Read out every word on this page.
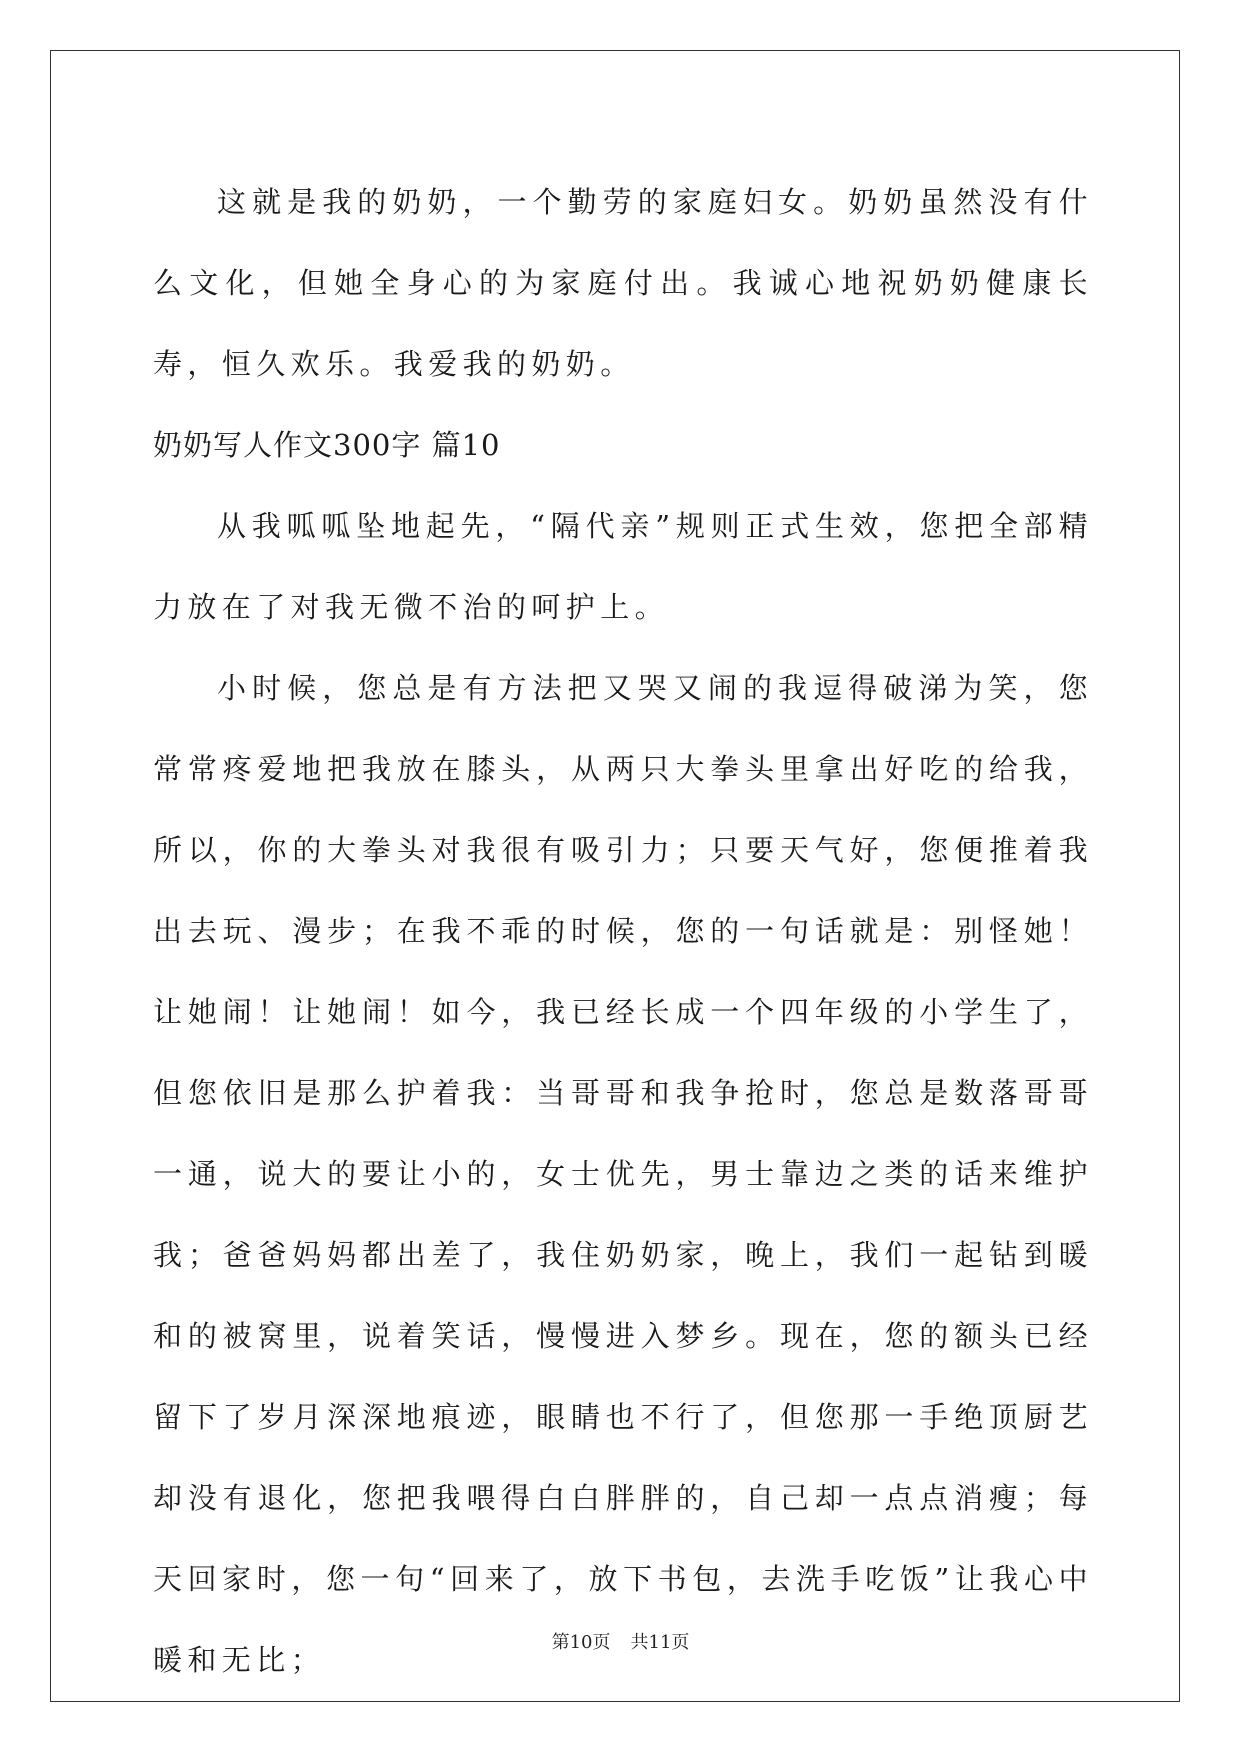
这就是我的奶奶，一个勤劳的家庭妇女。奶奶虽然没有什么文化，但她全身心的为家庭付出。我诚心地祝奶奶健康长寿，恒久欢乐。我爱我的奶奶。

奶奶写人作文300字 篇10

从我呱呱坠地起先，“隔代亲”规则正式生效，您把全部精力放在了对我无微不治的呵护上。

小时候，您总是有方法把又哭又闹的我逗得破涕为笑，您常常疼爱地把我放在膝头，从两只大拳头里拿出好吃的给我，所以，你的大拳头对我很有吸引力；只要天气好，您便推着我出去玩、漫步；在我不乖的时候，您的一句话就是：别怪她！让她闹！让她闹！如今，我已经长成一个四年级的小学生了，但您依旧是那么护着我：当哥哥和我争抢时，您总是数落哥哥一通，说大的要让小的，女士优先，男士靠边之类的话来维护我；爸爸妈妈都出差了，我住奶奶家，晚上，我们一起钻到暖和的被窝里，说着笑话，慢慢进入梦乡。现在，您的额头已经留下了岁月深深地痕迹，眼睛也不行了，但您那一手绝顶厨艺却没有退化，您把我喂得白白胖胖的，自己却一点点消瘦；每天回家时，您一句“回来了，放下书包，去洗手吃饭”让我心中暖和无比；

第10页 共11页
